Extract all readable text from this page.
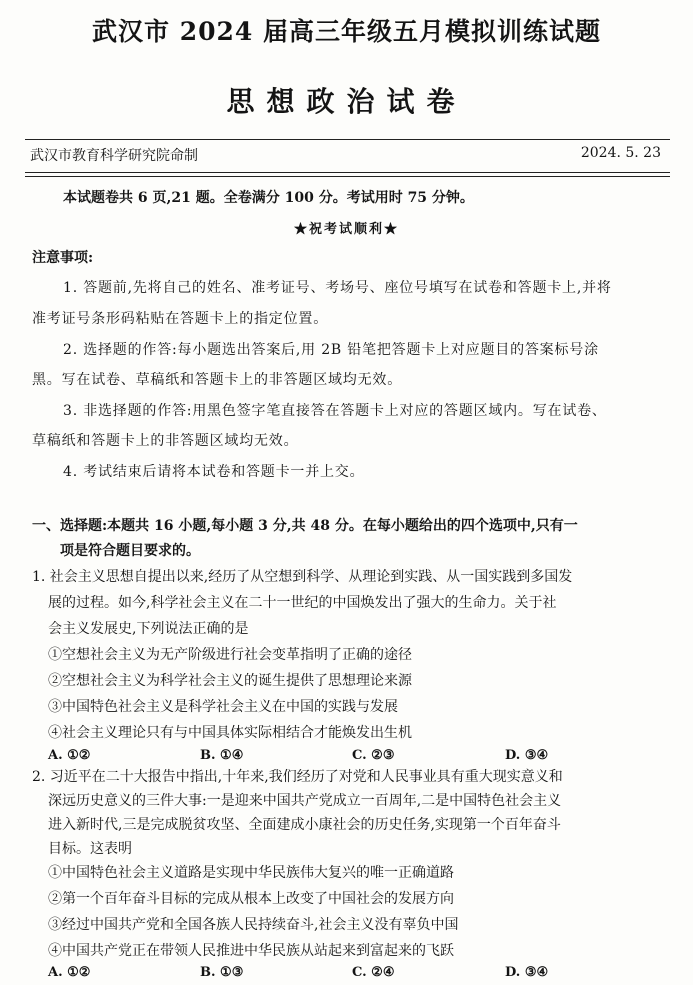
武汉市 2024 届高三年级五月模拟训练试题
思想政治试卷
武汉市教育科学研究院命制	2024. 5. 23
本试题卷共 6 页,21 题。全卷满分 100 分。考试用时 75 分钟。
★祝考试顺利★
注意事项:
1. 答题前,先将自己的姓名、准考证号、考场号、座位号填写在试卷和答题卡上,并将
准考证号条形码粘贴在答题卡上的指定位置。
2. 选择题的作答:每小题选出答案后,用 2B 铅笔把答题卡上对应题目的答案标号涂
黑。写在试卷、草稿纸和答题卡上的非答题区域均无效。
3. 非选择题的作答:用黑色签字笔直接答在答题卡上对应的答题区域内。写在试卷、
草稿纸和答题卡上的非答题区域均无效。
4. 考试结束后请将本试卷和答题卡一并上交。
一、选择题:本题共 16 小题,每小题 3 分,共 48 分。在每小题给出的四个选项中,只有一
项是符合题目要求的。
1. 社会主义思想自提出以来,经历了从空想到科学、从理论到实践、从一国实践到多国发
展的过程。如今,科学社会主义在二十一世纪的中国焕发出了强大的生命力。关于社
会主义发展史,下列说法正确的是
①空想社会主义为无产阶级进行社会变革指明了正确的途径
②空想社会主义为科学社会主义的诞生提供了思想理论来源
③中国特色社会主义是科学社会主义在中国的实践与发展
④社会主义理论只有与中国具体实际相结合才能焕发出生机
A. ①②	B. ①④	C. ②③	D. ③④
2. 习近平在二十大报告中指出,十年来,我们经历了对党和人民事业具有重大现实意义和
深远历史意义的三件大事:一是迎来中国共产党成立一百周年,二是中国特色社会主义
进入新时代,三是完成脱贫攻坚、全面建成小康社会的历史任务,实现第一个百年奋斗
目标。这表明
①中国特色社会主义道路是实现中华民族伟大复兴的唯一正确道路
②第一个百年奋斗目标的完成从根本上改变了中国社会的发展方向
③经过中国共产党和全国各族人民持续奋斗,社会主义没有辜负中国
④中国共产党正在带领人民推进中华民族从站起来到富起来的飞跃
A. ①②	B. ①③	C. ②④	D. ③④
